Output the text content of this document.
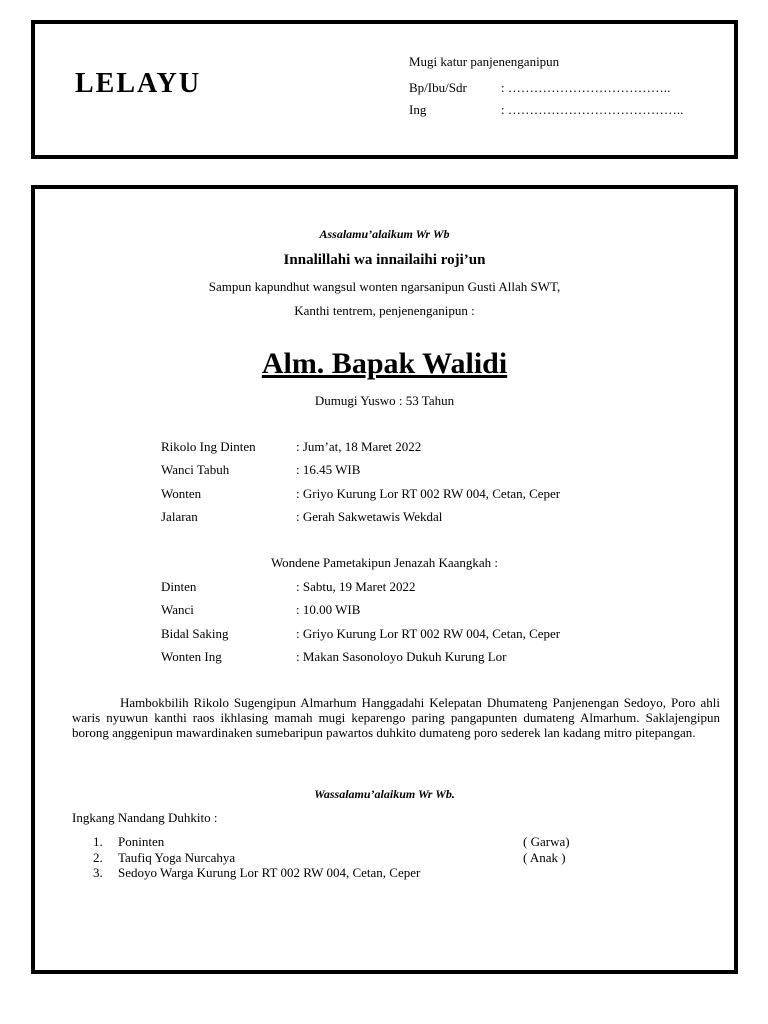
LELAYU
Mugi katur panjenenganipun
Bp/Ibu/Sdr	: ………………………………..
Ing	: …………………………………..
Assalamu’alaikum Wr Wb
Innalillahi wa innailaihi roji’un
Sampun kapundhut wangsul wonten ngarsanipun Gusti Allah SWT,
Kanthi tentrem, penjenenganipun :
Alm. Bapak Walidi
Dumugi Yuswo : 53 Tahun
Rikolo Ing Dinten	: Jum’at, 18 Maret 2022
Wanci Tabuh	: 16.45 WIB
Wonten	: Griyo Kurung Lor RT 002 RW 004, Cetan, Ceper
Jalaran	: Gerah Sakwetawis Wekdal
Wondene Pametakipun Jenazah Kaangkah :
Dinten	: Sabtu, 19 Maret 2022
Wanci	: 10.00 WIB
Bidal Saking	: Griyo Kurung Lor RT 002 RW 004, Cetan, Ceper
Wonten Ing	: Makan Sasonoloyo Dukuh Kurung Lor
Hambokbilih Rikolo Sugengipun Almarhum Hanggadahi Kelepatan Dhumateng Panjenengan Sedoyo, Poro ahli waris nyuwun kanthi raos ikhlasing mamah mugi keparengo paring pangapunten dumateng Almarhum. Saklajengipun borong anggenipun mawardinaken sumebaripun pawartos duhkito dumateng poro sederek lan kadang mitro pitepangan.
Wassalamu’alaikum Wr Wb.
Ingkang Nandang Duhkito :
1. Poninten	( Garwa)
2. Taufiq Yoga Nurcahya	( Anak )
3. Sedoyo Warga Kurung Lor RT 002 RW 004, Cetan, Ceper
